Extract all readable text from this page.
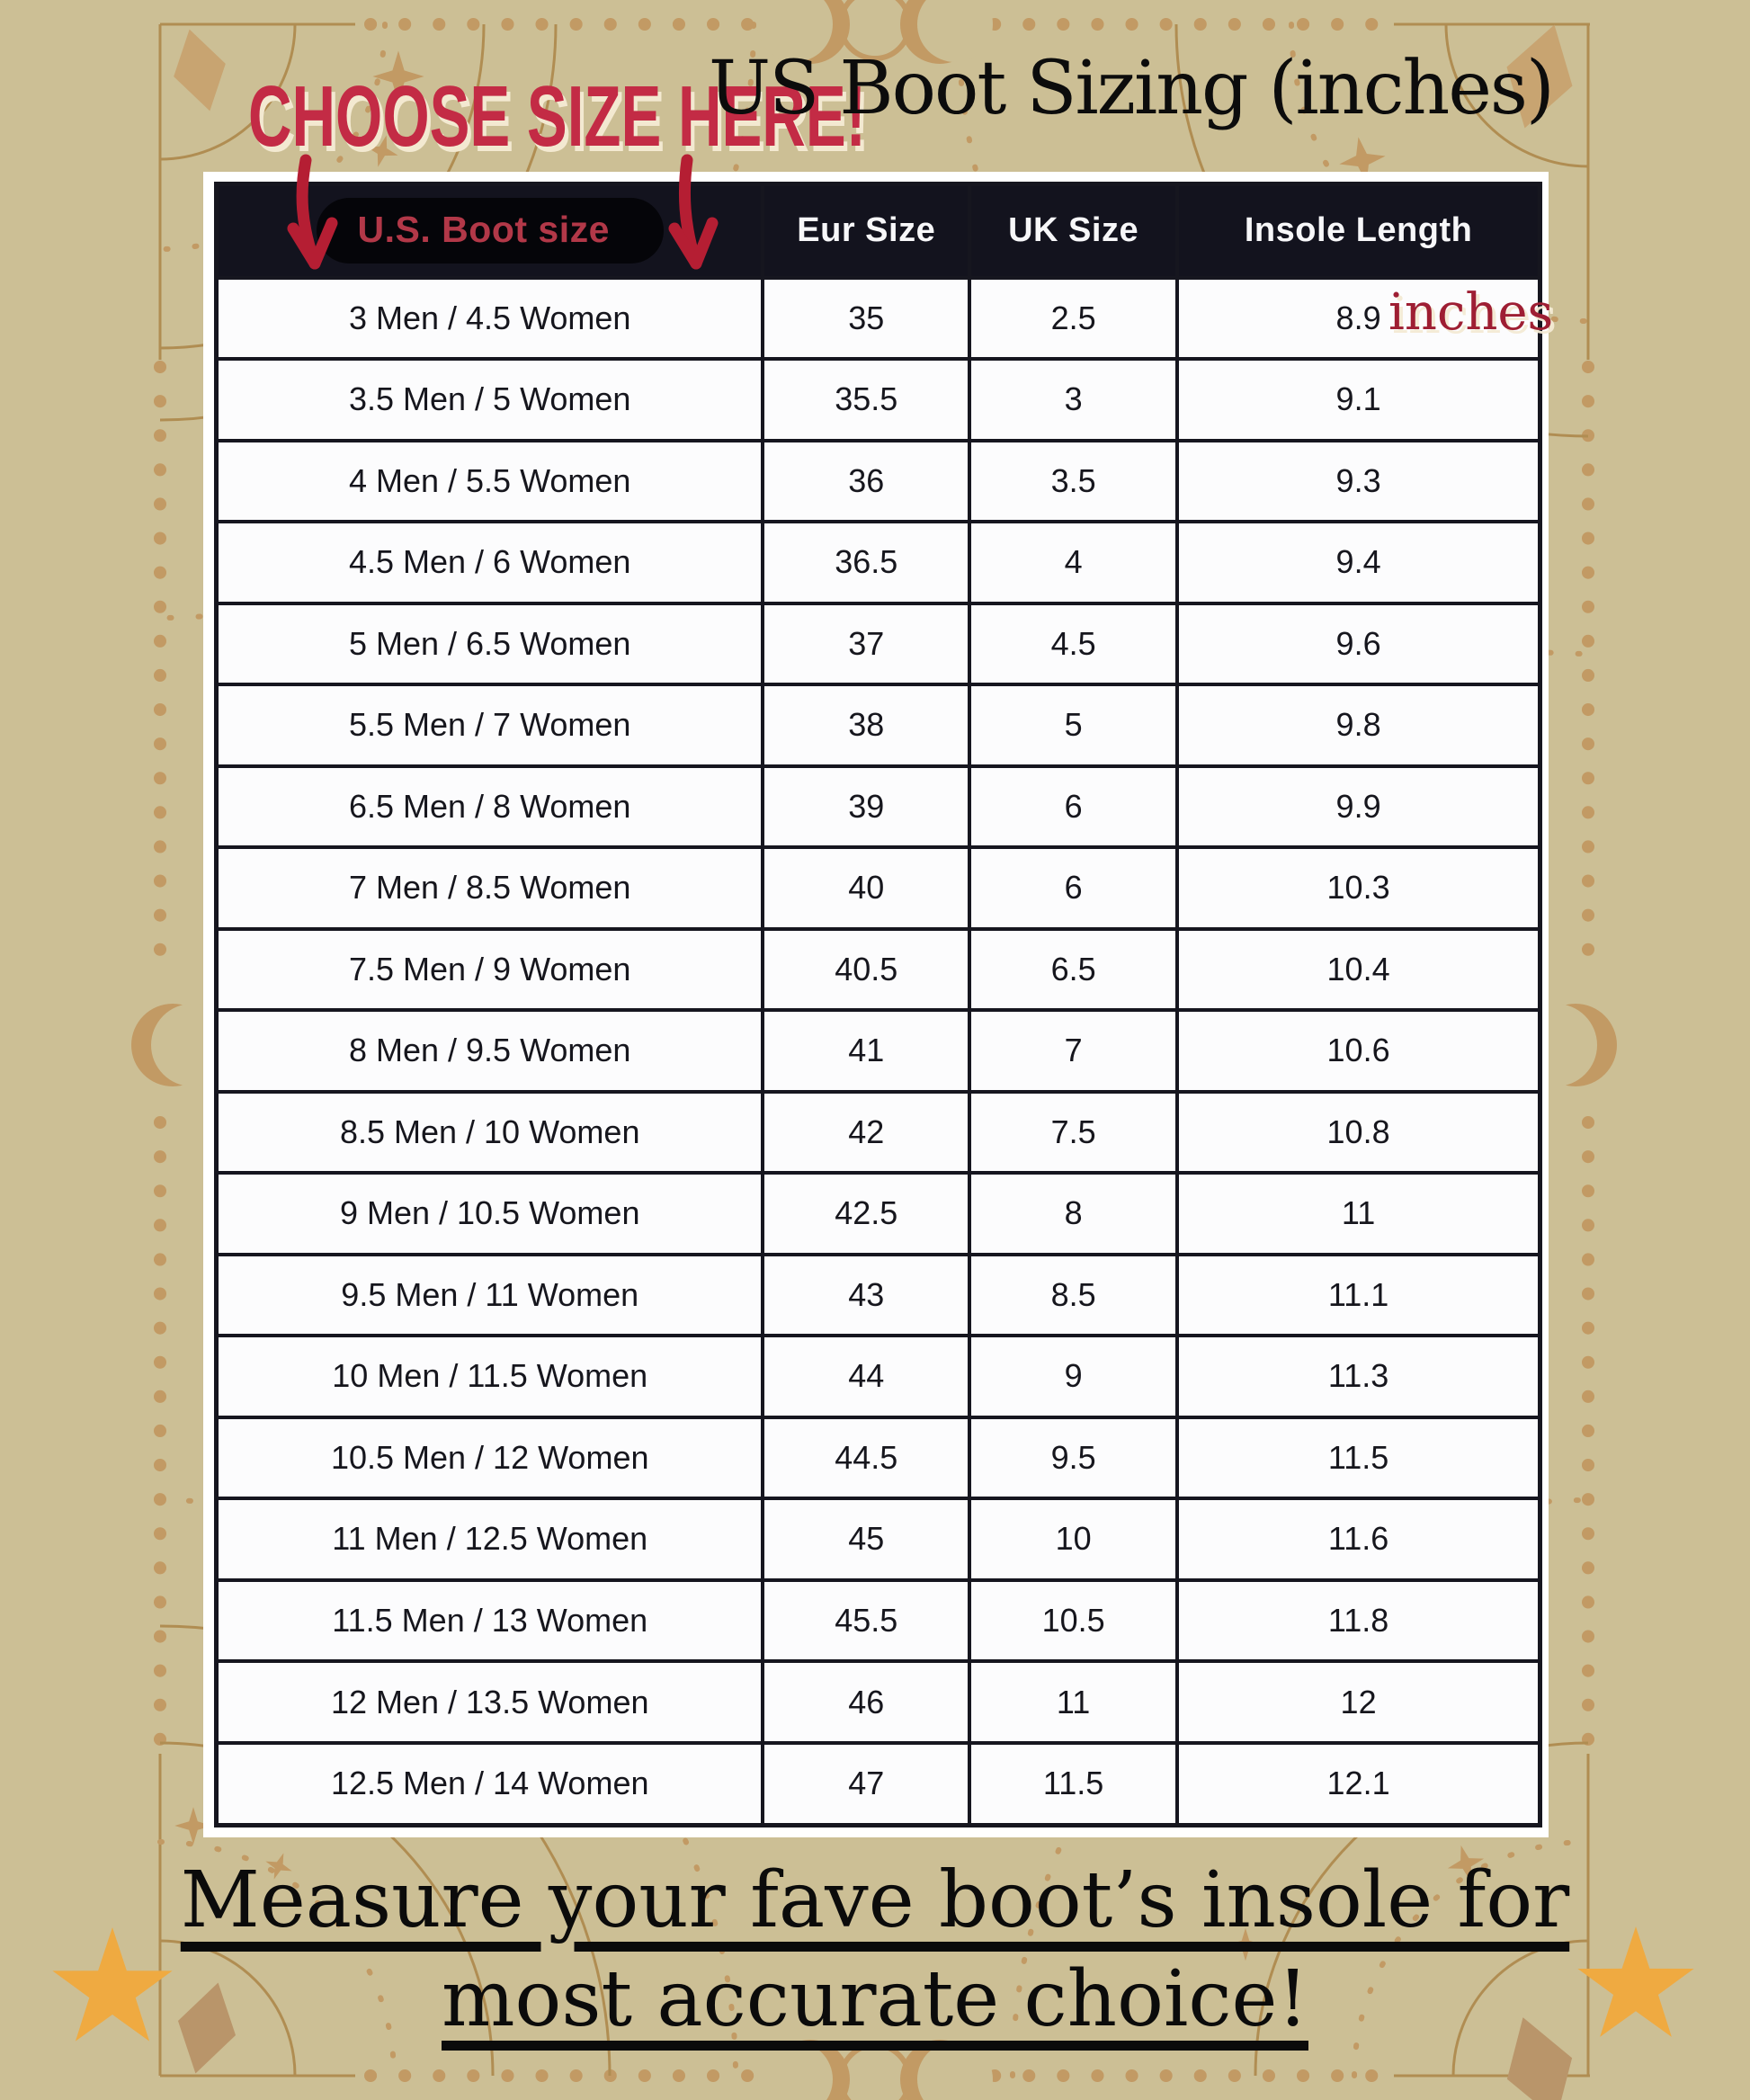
U.S. Boot size	Eur Size	UK Size	Insole Length
3 Men / 4.5 Women	35	2.5	8.9
3.5 Men / 5 Women	35.5	3	9.1
4 Men / 5.5 Women	36	3.5	9.3
4.5 Men / 6 Women	36.5	4	9.4
5 Men / 6.5 Women	37	4.5	9.6
5.5 Men / 7 Women	38	5	9.8
6.5 Men / 8 Women	39	6	9.9
7 Men / 8.5 Women	40	6	10.3
7.5 Men / 9 Women	40.5	6.5	10.4
8 Men / 9.5 Women	41	7	10.6
8.5 Men / 10 Women	42	7.5	10.8
9 Men / 10.5 Women	42.5	8	11
9.5 Men / 11 Women	43	8.5	11.1
10 Men / 11.5 Women	44	9	11.3
10.5 Men / 12 Women	44.5	9.5	11.5
11 Men / 12.5 Women	45	10	11.6
11.5 Men / 13 Women	45.5	10.5	11.8
12 Men / 13.5 Women	46	11	12
12.5 Men / 14 Women	47	11.5	12.1
inches
CHOOSE SIZE HERE!
US Boot Sizing (inches)
Measure your fave boot’s insole for
most accurate choice!
